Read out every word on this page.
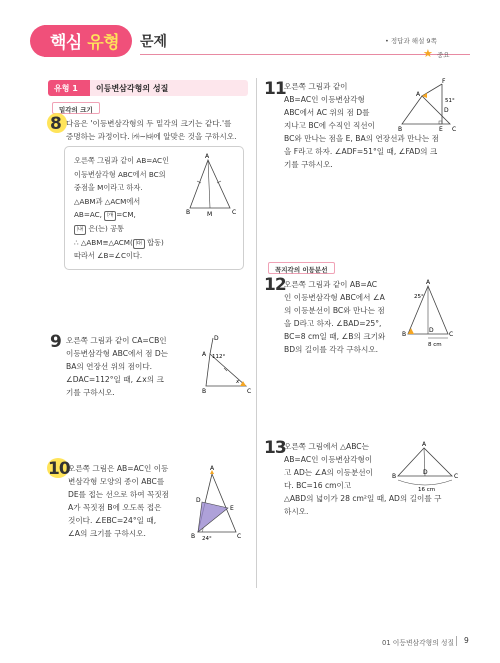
핵심 유형 문제	• 정답과 해설 9쪽
★ 중요
유형 1	이등변삼각형의 성질
밑각의 크기
8 다음은 '이등변삼각형의 두 밑각의 크기는 같다.'를
증명하는 과정이다. ㈎~㈐에 알맞은 것을 구하시오.
오른쪽 그림과 같이 AB=AC인
이등변삼각형 ABC에서 BC의
중점을 M이라고 하자.
△ABM과 △ACM에서
AB=AC, ㈎ =CM,
㈏ 은(는) 공통
∴ △ABM≡△ACM( ㈐ 합동)
따라서 ∠B=∠C이다.
A
B	C
M
9 오른쪽 그림과 같이 CA=CB인
이등변삼각형 ABC에서 점 D는
BA의 연장선 위의 점이다.
∠DAC=112°일 때, ∠x의 크
기를 구하시오.
D
A 112°
B	C
x
10
오른쪽 그림은 AB=AC인 이등
변삼각형 모양의 종이 ABC를
DE를 접는 선으로 하여 꼭짓점
A가 꼭짓점 B에 오도록 접은
것이다. ∠EBC=24°일 때,
∠A의 크기를 구하시오.
A
D
E
B	C
24°
11
오른쪽 그림과 같이
AB=AC인 이등변삼각형
ABC에서 AC 위의 점 D를
지나고 BC에 수직인 직선이
BC와 만나는 점을 E, BA의 연장선과 만나는 점
을 F라고 하자. ∠ADF=51°일 때, ∠FAD의 크
기를 구하시오.
F
A
51°
D
B	E C
꼭지각의 이등분선
12
오른쪽 그림과 같이 AB=AC
인 이등변삼각형 ABC에서 ∠A
의 이등분선이 BC와 만나는 점
을 D라고 하자. ∠BAD=25°,
BC=8 cm일 때, ∠B의 크기와
BD의 길이를 각각 구하시오.
A
25°
B
D
C
8 cm
13
오른쪽 그림에서 △ABC는
AB=AC인 이등변삼각형이
고 AD는 ∠A의 이등분선이
다. BC=16 cm이고
△ABD의 넓이가 28 cm²일 때, AD의 길이를 구
하시오.
A
B
D
C
16 cm
01 이등변삼각형의 성질 9
